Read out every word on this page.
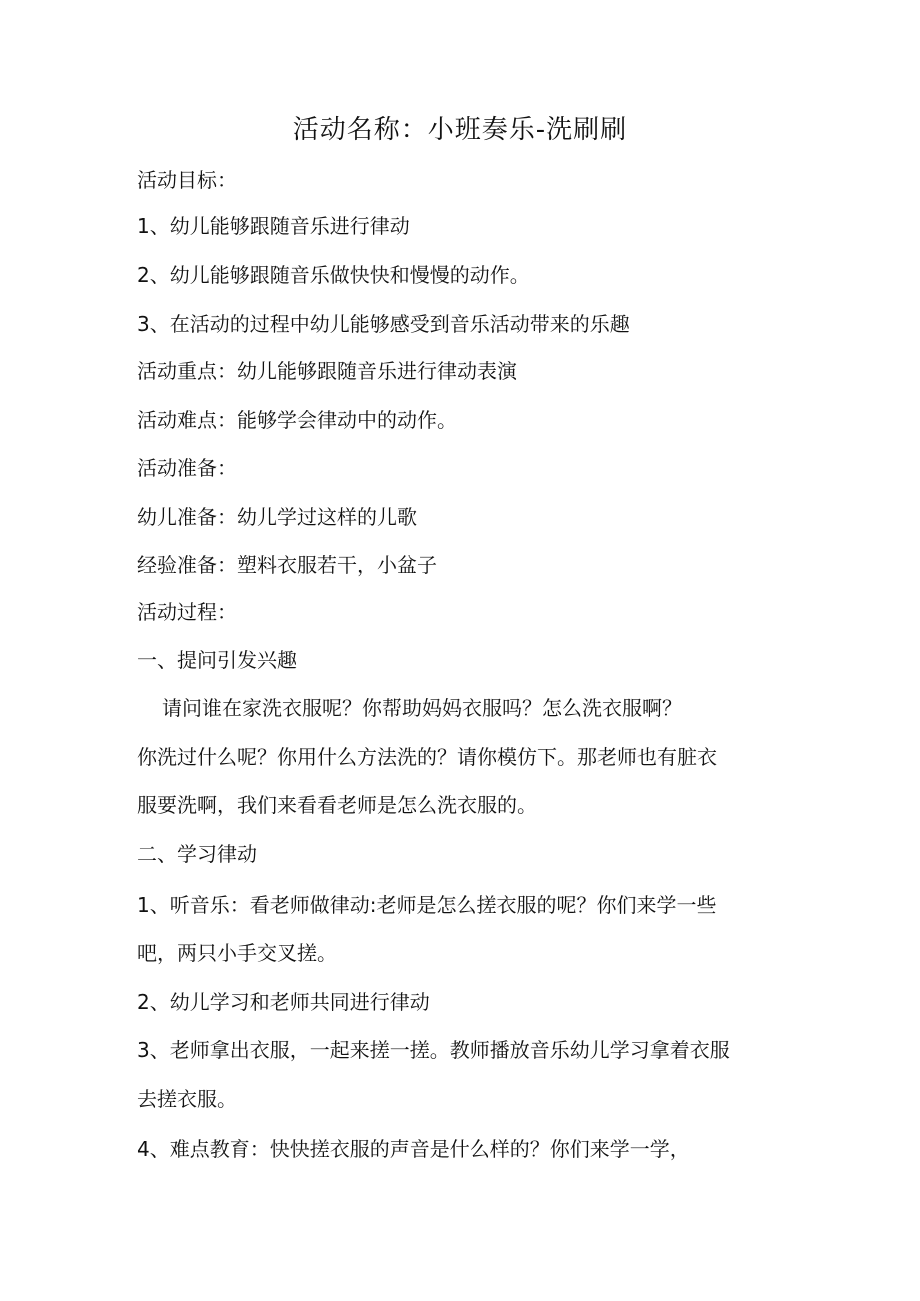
活动名称：小班奏乐-洗刷刷
活动目标：
1、幼儿能够跟随音乐进行律动
2、幼儿能够跟随音乐做快快和慢慢的动作。
3、在活动的过程中幼儿能够感受到音乐活动带来的乐趣
活动重点：幼儿能够跟随音乐进行律动表演
活动难点：能够学会律动中的动作。
活动准备：
幼儿准备：幼儿学过这样的儿歌
经验准备：塑料衣服若干，小盆子
活动过程：
一、提问引发兴趣
请问谁在家洗衣服呢？你帮助妈妈衣服吗？怎么洗衣服啊？
你洗过什么呢？你用什么方法洗的？请你模仿下。那老师也有脏衣
服要洗啊，我们来看看老师是怎么洗衣服的。
二、学习律动
1、听音乐：看老师做律动:老师是怎么搓衣服的呢？你们来学一些
吧，两只小手交叉搓。
2、幼儿学习和老师共同进行律动
3、老师拿出衣服，一起来搓一搓。教师播放音乐幼儿学习拿着衣服
去搓衣服。
4、难点教育：快快搓衣服的声音是什么样的？你们来学一学，
